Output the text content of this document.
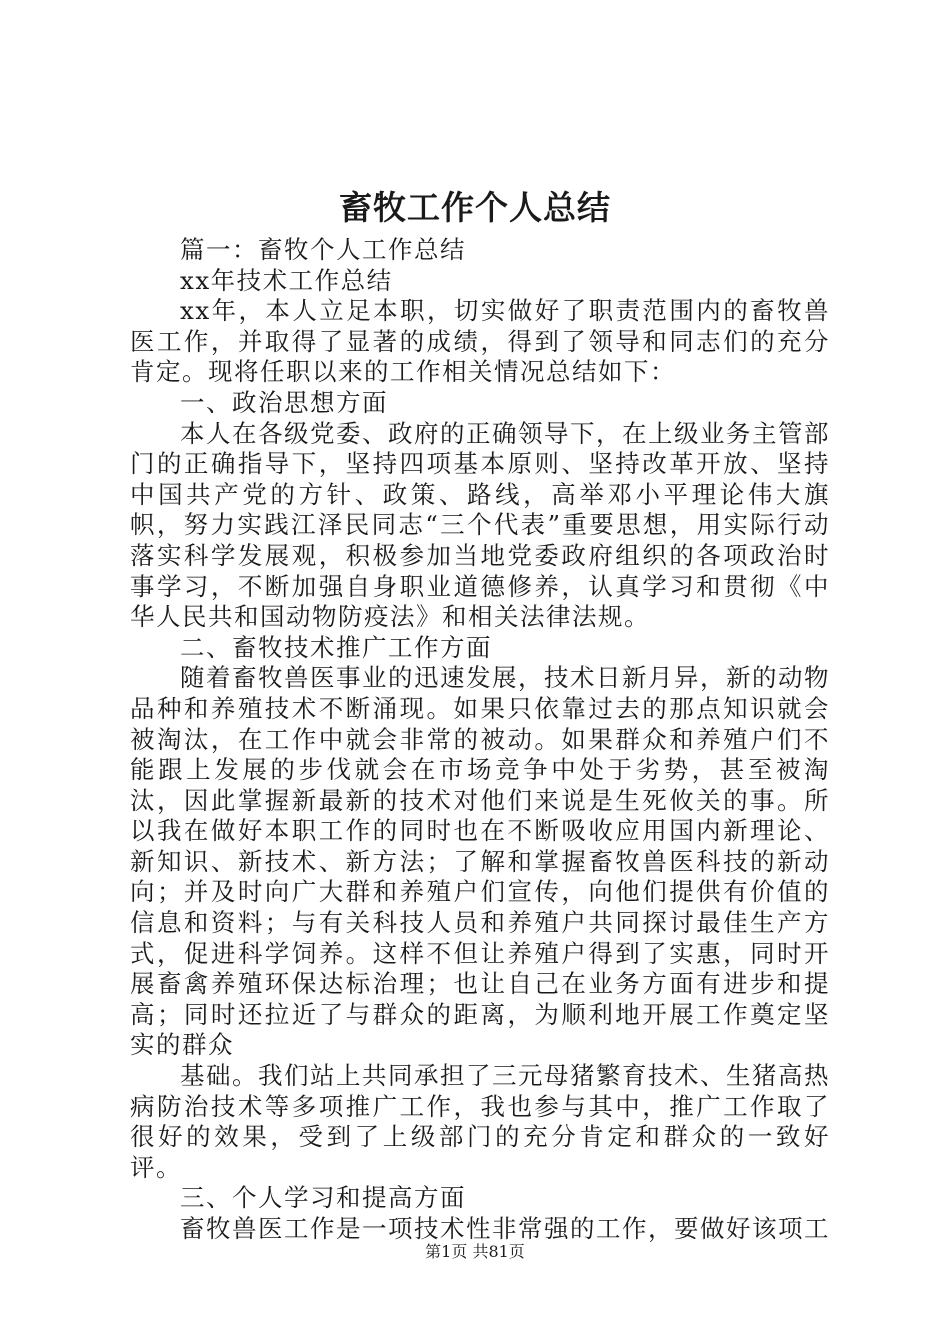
畜牧工作个人总结

篇一：畜牧个人工作总结

xx年技术工作总结

xx年，本人立足本职，切实做好了职责范围内的畜牧兽医工作，并取得了显著的成绩，得到了领导和同志们的充分肯定。现将任职以来的工作相关情况总结如下：

一、政治思想方面

本人在各级党委、政府的正确领导下，在上级业务主管部门的正确指导下，坚持四项基本原则、坚持改革开放、坚持中国共产党的方针、政策、路线，高举邓小平理论伟大旗帜，努力实践江泽民同志“三个代表”重要思想，用实际行动落实科学发展观，积极参加当地党委政府组织的各项政治时事学习，不断加强自身职业道德修养，认真学习和贯彻《中华人民共和国动物防疫法》和相关法律法规。

二、畜牧技术推广工作方面

随着畜牧兽医事业的迅速发展，技术日新月异，新的动物品种和养殖技术不断涌现。如果只依靠过去的那点知识就会被淘汰，在工作中就会非常的被动。如果群众和养殖户们不能跟上发展的步伐就会在市场竞争中处于劣势，甚至被淘汰，因此掌握新最新的技术对他们来说是生死攸关的事。所以我在做好本职工作的同时也在不断吸收应用国内新理论、新知识、新技术、新方法；了解和掌握畜牧兽医科技的新动向；并及时向广大群和养殖户们宣传，向他们提供有价值的信息和资料；与有关科技人员和养殖户共同探讨最佳生产方式，促进科学饲养。这样不但让养殖户得到了实惠，同时开展畜禽养殖环保达标治理；也让自己在业务方面有进步和提高；同时还拉近了与群众的距离，为顺利地开展工作奠定坚实的群众

基础。我们站上共同承担了三元母猪繁育技术、生猪高热病防治技术等多项推广工作，我也参与其中，推广工作取了很好的效果，受到了上级部门的充分肯定和群众的一致好评。

三、个人学习和提高方面

畜牧兽医工作是一项技术性非常强的工作，要做好该项工

第1页 共81页
